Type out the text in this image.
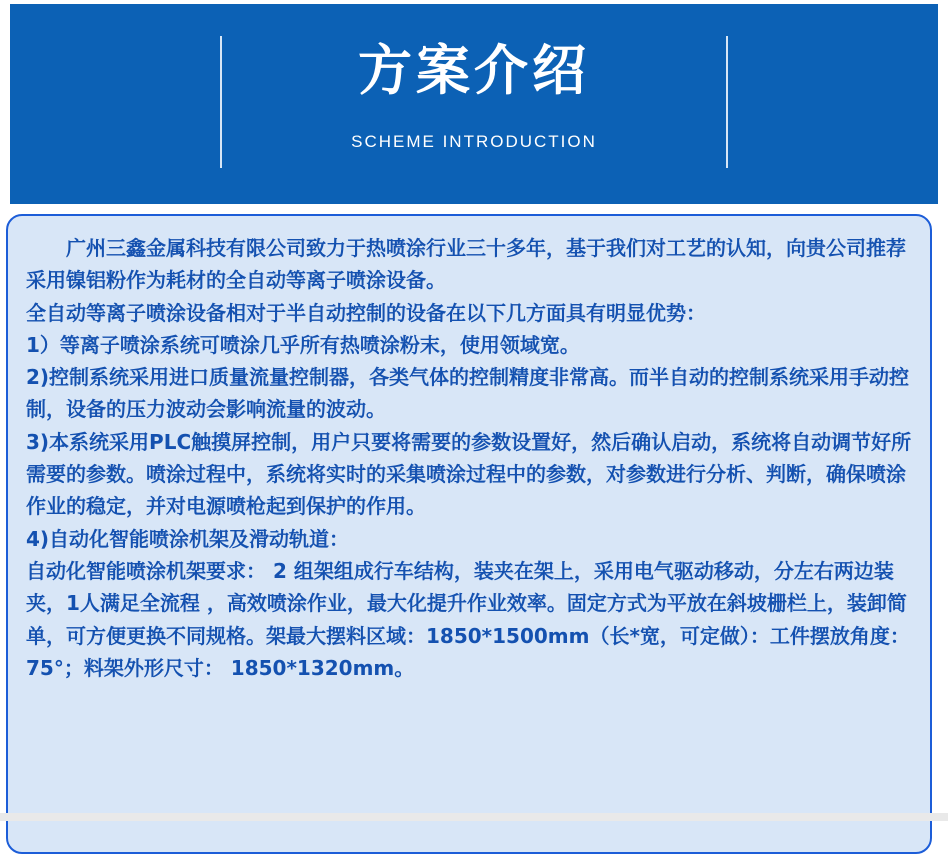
方案介绍
SCHEME INTRODUCTION

广州三鑫金属科技有限公司致力于热喷涂行业三十多年，基于我们对工艺的认知，向贵公司推荐采用镍铝粉作为耗材的全自动等离子喷涂设备。

全自动等离子喷涂设备相对于半自动控制的设备在以下几方面具有明显优势：

1）等离子喷涂系统可喷涂几乎所有热喷涂粉末，使用领域宽。

2)控制系统采用进口质量流量控制器，各类气体的控制精度非常高。而半自动的控制系统采用手动控制，设备的压力波动会影响流量的波动。

3)本系统采用PLC触摸屏控制，用户只要将需要的参数设置好，然后确认启动，系统将自动调节好所需要的参数。喷涂过程中，系统将实时的采集喷涂过程中的参数，对参数进行分析、判断，确保喷涂作业的稳定，并对电源喷枪起到保护的作用。

4)自动化智能喷涂机架及滑动轨道：

自动化智能喷涂机架要求： 2 组架组成行车结构，装夹在架上，采用电气驱动移动，分左右两边装夹，1人满足全流程 ，高效喷涂作业，最大化提升作业效率。固定方式为平放在斜坡栅栏上，装卸简单，可方便更换不同规格。架最大摆料区域：1850*1500mm（长*宽，可定做）：工件摆放角度：75°；料架外形尺寸： 1850*1320mm。
